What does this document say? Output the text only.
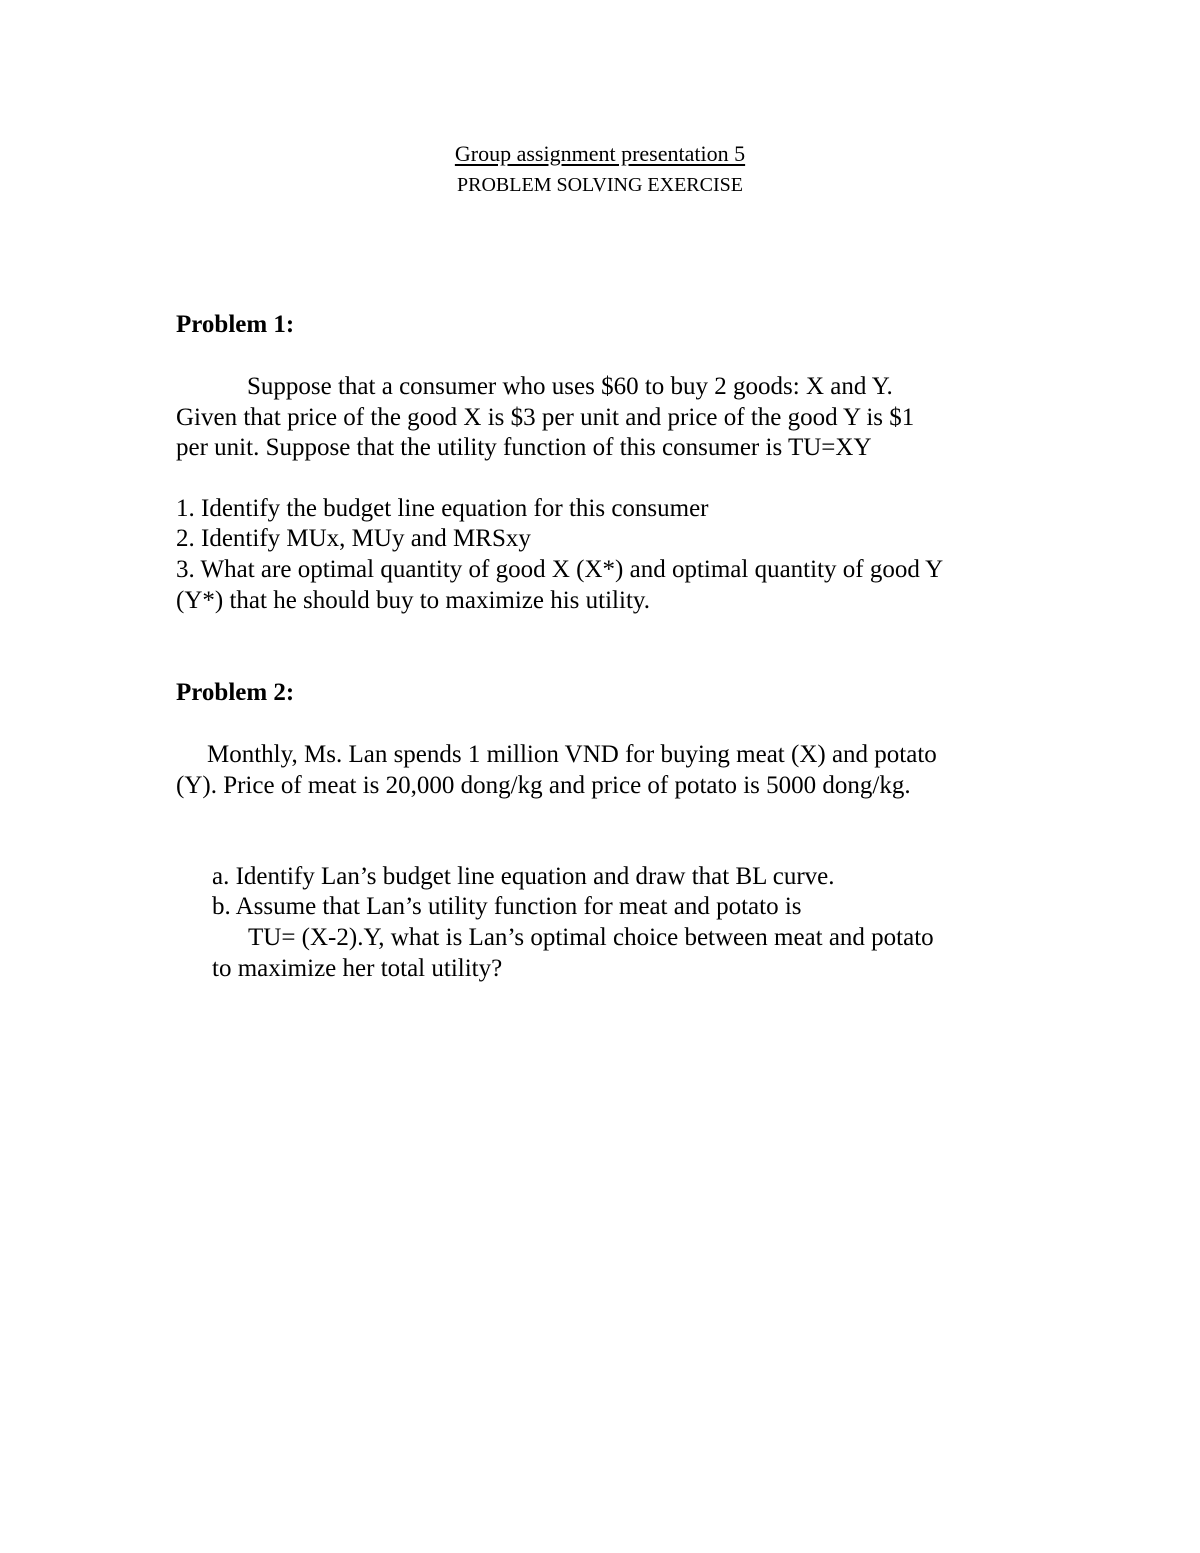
Group assignment presentation 5
PROBLEM SOLVING EXERCISE
Problem 1:
Suppose that a consumer who uses $60 to buy 2 goods: X and Y.
Given that price of the good X is $3 per unit and price of the good Y is $1
per unit. Suppose that the utility function of this consumer is TU=XY
1. Identify the budget line equation for this consumer
2. Identify MUx, MUy and MRSxy
3. What are optimal quantity of good X (X*) and optimal quantity of good Y
(Y*) that he should buy to maximize his utility.
Problem 2:
Monthly, Ms. Lan spends 1 million VND for buying meat (X) and potato
(Y). Price of meat is 20,000 dong/kg and price of potato is 5000 dong/kg.
a. Identify Lan’s budget line equation and draw that BL curve.
b. Assume that Lan’s utility function for meat and potato is
TU= (X-2).Y, what is Lan’s optimal choice between meat and potato
to maximize her total utility?
